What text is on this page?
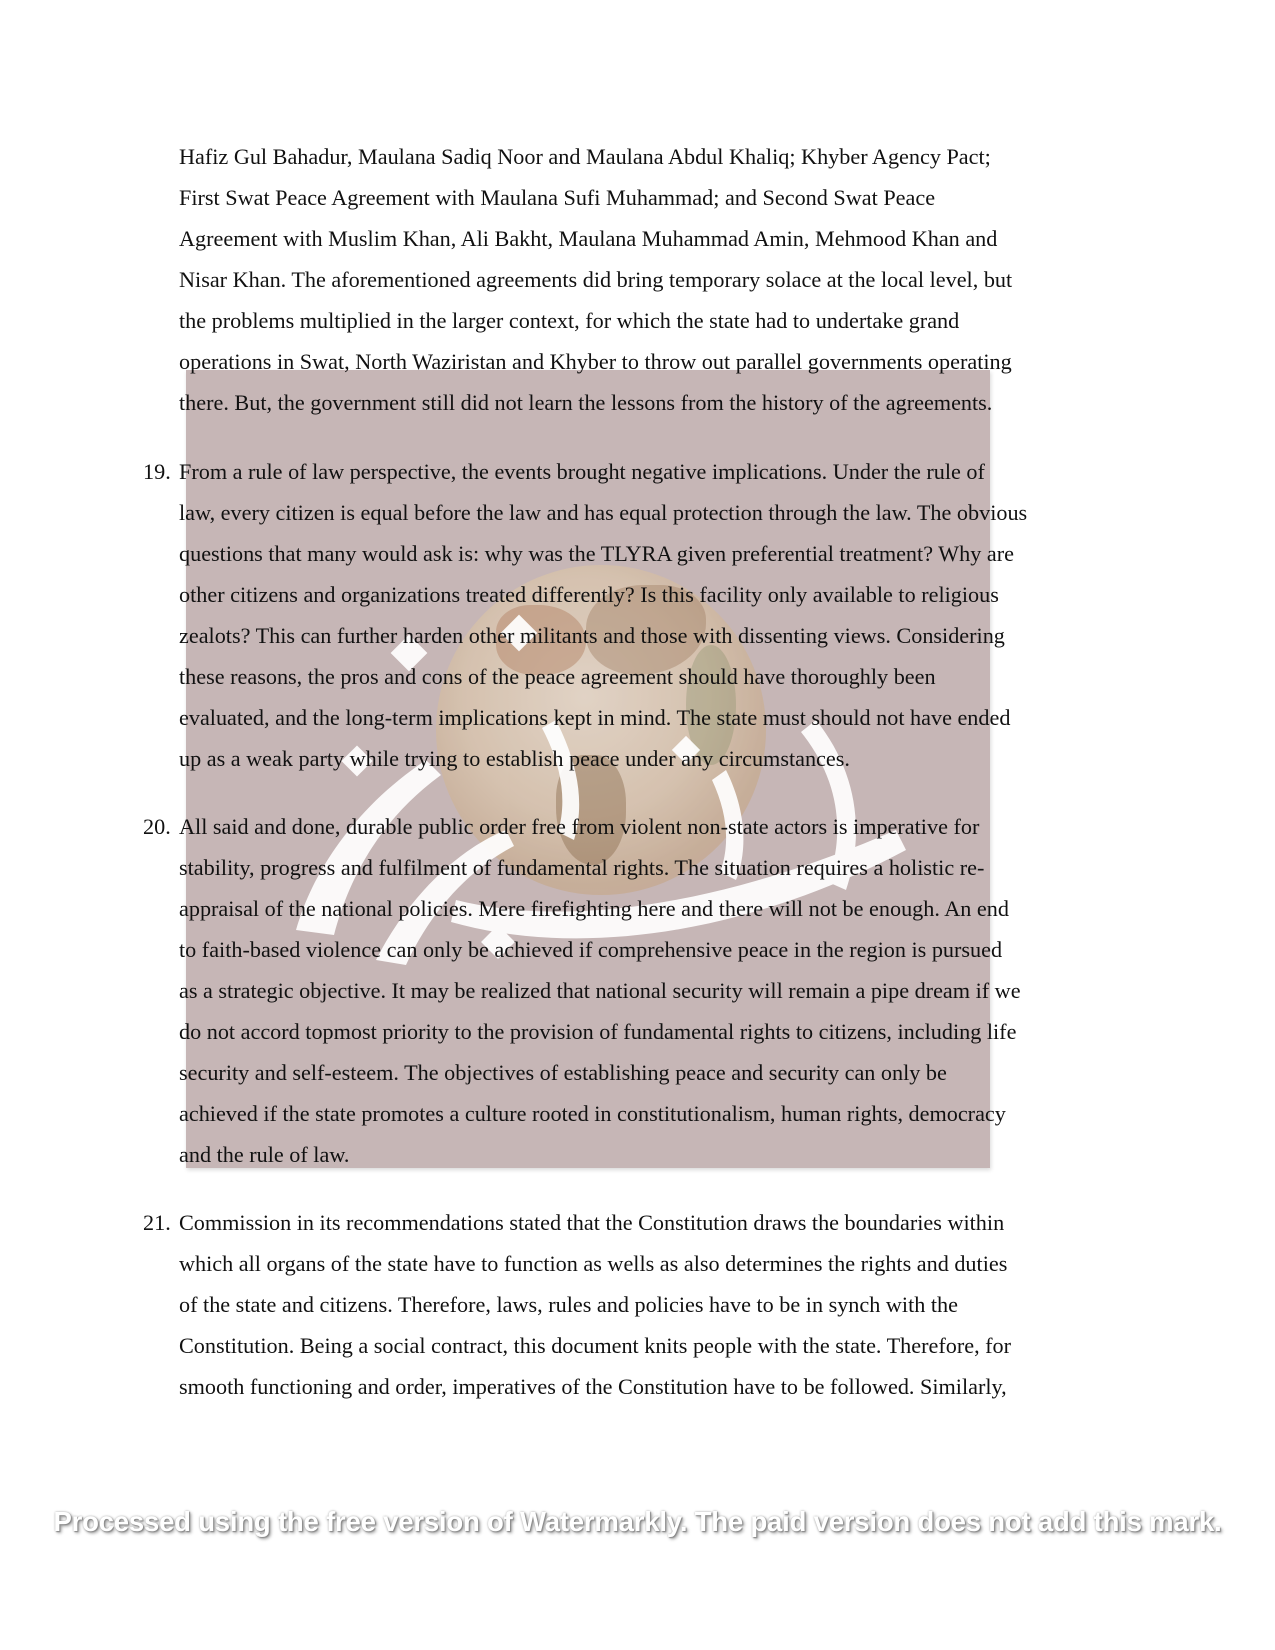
Hafiz Gul Bahadur, Maulana Sadiq Noor and Maulana Abdul Khaliq; Khyber Agency Pact;

First Swat Peace Agreement with Maulana Sufi Muhammad; and Second Swat Peace

Agreement with Muslim Khan, Ali Bakht, Maulana Muhammad Amin, Mehmood Khan and

Nisar Khan. The aforementioned agreements did bring temporary solace at the local level, but

the problems multiplied in the larger context, for which the state had to undertake grand

operations in Swat, North Waziristan and Khyber to throw out parallel governments operating

there. But, the government still did not learn the lessons from the history of the agreements.

19. From a rule of law perspective, the events brought negative implications. Under the rule of

law, every citizen is equal before the law and has equal protection through the law. The obvious

questions that many would ask is: why was the TLYRA given preferential treatment? Why are

other citizens and organizations treated differently? Is this facility only available to religious

zealots? This can further harden other militants and those with dissenting views. Considering

these reasons, the pros and cons of the peace agreement should have thoroughly been

evaluated, and the long-term implications kept in mind. The state must should not have ended

up as a weak party while trying to establish peace under any circumstances.

20. All said and done, durable public order free from violent non-state actors is imperative for

stability, progress and fulfilment of fundamental rights. The situation requires a holistic re-

appraisal of the national policies. Mere firefighting here and there will not be enough. An end

to faith-based violence can only be achieved if comprehensive peace in the region is pursued

as a strategic objective. It may be realized that national security will remain a pipe dream if we

do not accord topmost priority to the provision of fundamental rights to citizens, including life

security and self-esteem. The objectives of establishing peace and security can only be

achieved if the state promotes a culture rooted in constitutionalism, human rights, democracy

and the rule of law.

21. Commission in its recommendations stated that the Constitution draws the boundaries within

which all organs of the state have to function as wells as also determines the rights and duties

of the state and citizens. Therefore, laws, rules and policies have to be in synch with the

Constitution. Being a social contract, this document knits people with the state. Therefore, for

smooth functioning and order, imperatives of the Constitution have to be followed. Similarly,

Processed using the free version of Watermarkly. The paid version does not add this mark.
